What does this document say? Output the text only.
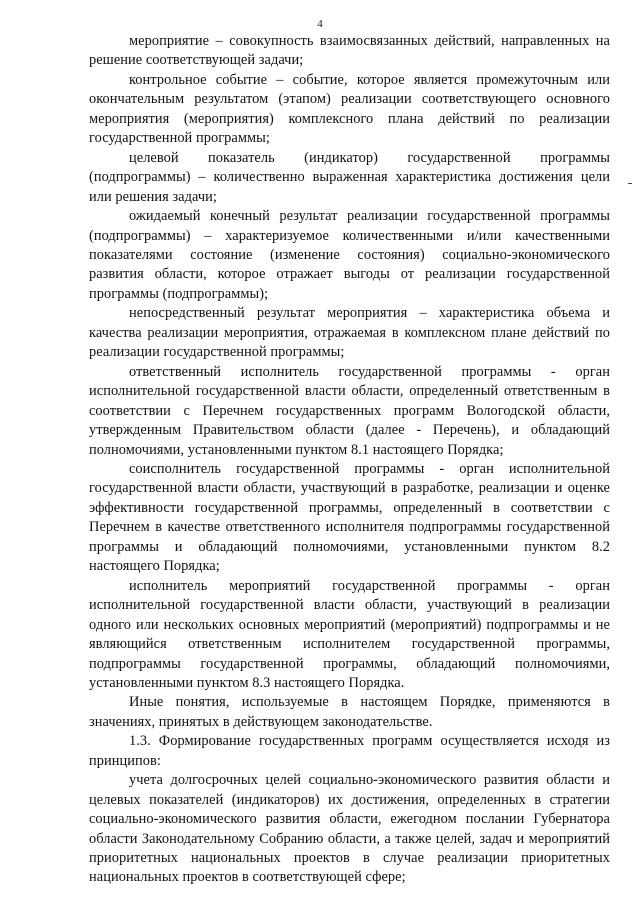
4

мероприятие – совокупность взаимосвязанных действий, направленных на решение соответствующей задачи;

контрольное событие – событие, которое является промежуточным или окончательным результатом (этапом) реализации соответствующего основного мероприятия (мероприятия) комплексного плана действий по реализации государственной программы;

целевой показатель (индикатор) государственной программы (подпрограммы) – количественно выраженная характеристика достижения цели или решения задачи;

ожидаемый конечный результат реализации государственной программы (подпрограммы) – характеризуемое количественными и/или качественными показателями состояние (изменение состояния) социально-экономического развития области, которое отражает выгоды от реализации государственной программы (подпрограммы);

непосредственный результат мероприятия – характеристика объема и качества реализации мероприятия, отражаемая в комплексном плане действий по реализации государственной программы;

ответственный исполнитель государственной программы - орган исполнительной государственной власти области, определенный ответственным в соответствии с Перечнем государственных программ Вологодской области, утвержденным Правительством области (далее - Перечень), и обладающий полномочиями, установленными пунктом 8.1 настоящего Порядка;

соисполнитель государственной программы - орган исполнительной государственной власти области, участвующий в разработке, реализации и оценке эффективности государственной программы, определенный в соответствии с Перечнем в качестве ответственного исполнителя подпрограммы государственной программы и обладающий полномочиями, установленными пунктом 8.2 настоящего Порядка;

исполнитель мероприятий государственной программы - орган исполнительной государственной власти области, участвующий в реализации одного или нескольких основных мероприятий (мероприятий) подпрограммы и не являющийся ответственным исполнителем государственной программы, подпрограммы государственной программы, обладающий полномочиями, установленными пунктом 8.3 настоящего Порядка.

Иные понятия, используемые в настоящем Порядке, применяются в значениях, принятых в действующем законодательстве.

1.3. Формирование государственных программ осуществляется исходя из принципов:

учета долгосрочных целей социально-экономического развития области и целевых показателей (индикаторов) их достижения, определенных в стратегии социально-экономического развития области, ежегодном послании Губернатора области Законодательному Собранию области, а также целей, задач и мероприятий приоритетных национальных проектов в случае реализации приоритетных национальных проектов в соответствующей сфере;
